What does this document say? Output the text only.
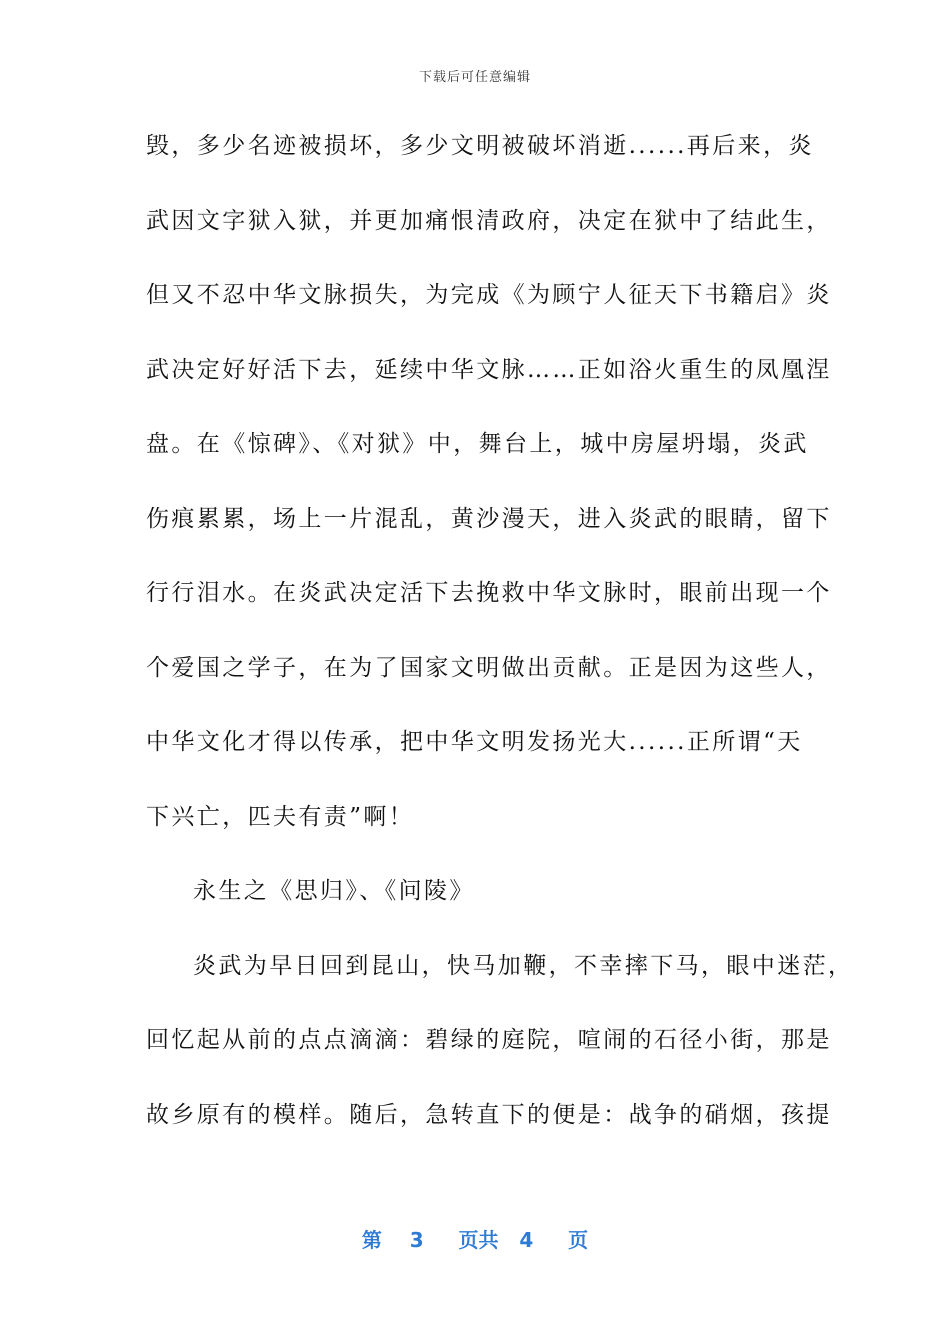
下载后可任意编辑
毁，多少名迹被损坏，多少文明被破坏消逝......再后来，炎
武因文字狱入狱，并更加痛恨清政府，决定在狱中了结此生，
但又不忍中华文脉损失，为完成《为顾宁人征天下书籍启》炎
武决定好好活下去，延续中华文脉……正如浴火重生的凤凰涅
盘。在《惊碑》、《对狱》中，舞台上，城中房屋坍塌，炎武
伤痕累累，场上一片混乱，黄沙漫天，进入炎武的眼睛，留下
行行泪水。在炎武决定活下去挽救中华文脉时，眼前出现一个
个爱国之学子，在为了国家文明做出贡献。正是因为这些人，
中华文化才得以传承，把中华文明发扬光大......正所谓“天
下兴亡，匹夫有责”啊！
永生之《思归》、《问陵》
炎武为早日回到昆山，快马加鞭，不幸摔下马，眼中迷茫，
回忆起从前的点点滴滴：碧绿的庭院，喧闹的石径小街，那是
故乡原有的模样。随后，急转直下的便是：战争的硝烟，孩提
第 3 页共 4 页
